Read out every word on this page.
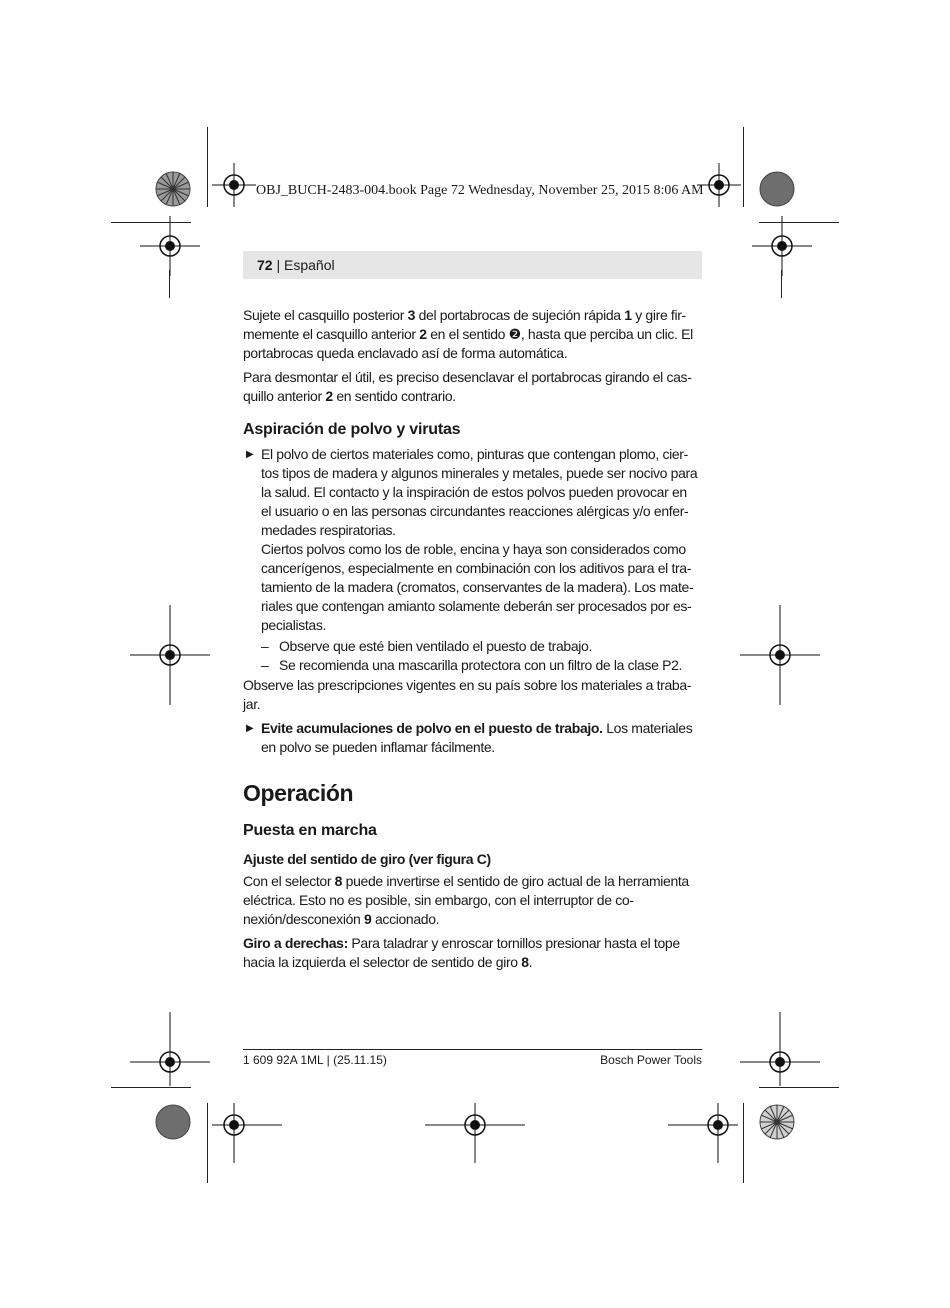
OBJ_BUCH-2483-004.book Page 72 Wednesday, November 25, 2015 8:06 AM
72 | Español

Sujete el casquillo posterior 3 del portabrocas de sujeción rápida 1 y gire fir-
memente el casquillo anterior 2 en el sentido ❷, hasta que perciba un clic. El
portabrocas queda enclavado así de forma automática.

Para desmontar el útil, es preciso desenclavar el portabrocas girando el cas-
quillo anterior 2 en sentido contrario.

Aspiración de polvo y virutas
▶ El polvo de ciertos materiales como, pinturas que contengan plomo, cier-
tos tipos de madera y algunos minerales y metales, puede ser nocivo para
la salud. El contacto y la inspiración de estos polvos pueden provocar en
el usuario o en las personas circundantes reacciones alérgicas y/o enfer-
medades respiratorias.
Ciertos polvos como los de roble, encina y haya son considerados como
cancerígenos, especialmente en combinación con los aditivos para el tra-
tamiento de la madera (cromatos, conservantes de la madera). Los mate-
riales que contengan amianto solamente deberán ser procesados por es-
pecialistas.
– Observe que esté bien ventilado el puesto de trabajo.
– Se recomienda una mascarilla protectora con un filtro de la clase P2.

Observe las prescripciones vigentes en su país sobre los materiales a traba-
jar.

▶ Evite acumulaciones de polvo en el puesto de trabajo. Los materiales
en polvo se pueden inflamar fácilmente.
Operación
Puesta en marcha
Ajuste del sentido de giro (ver figura C)

Con el selector 8 puede invertirse el sentido de giro actual de la herramienta
eléctrica. Esto no es posible, sin embargo, con el interruptor de co-
nexión/desconexión 9 accionado.

Giro a derechas: Para taladrar y enroscar tornillos presionar hasta el tope
hacia la izquierda el selector de sentido de giro 8.

1 609 92A 1ML | (25.11.15)	Bosch Power Tools
